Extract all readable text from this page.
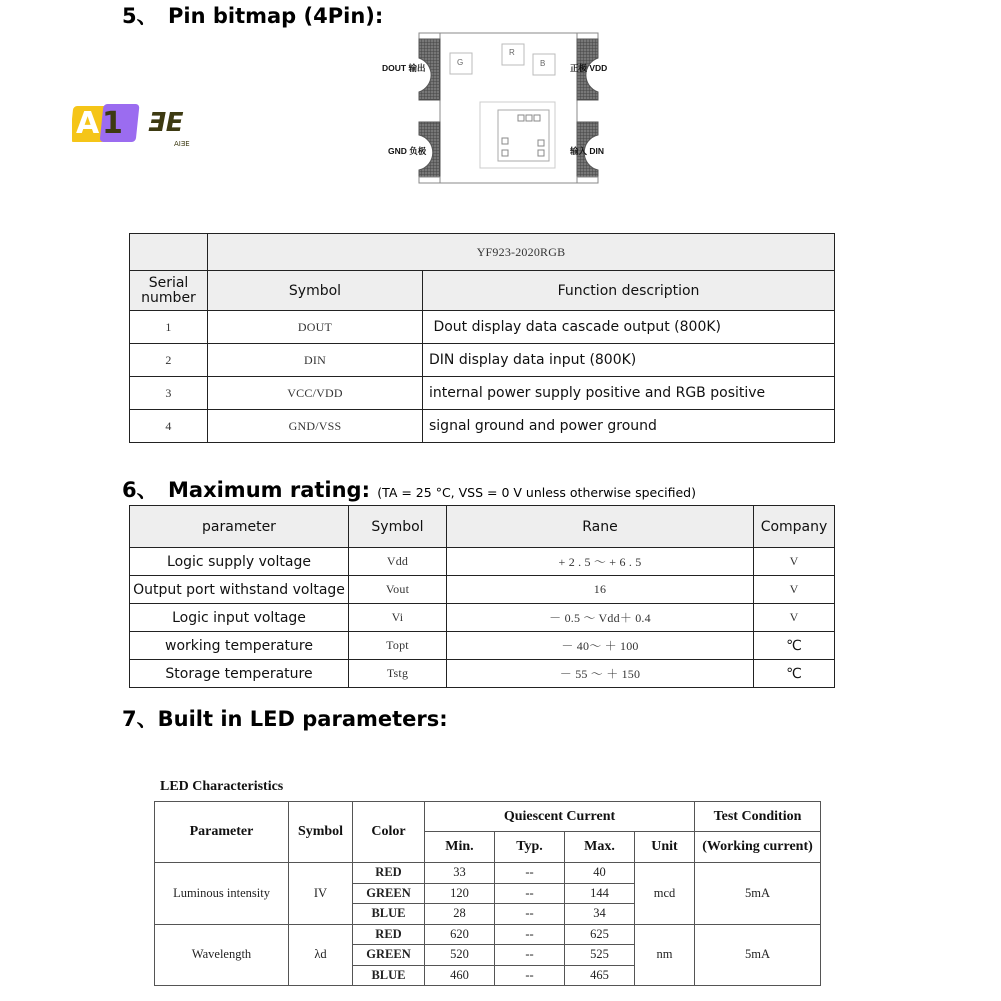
5、 Pin bitmap (4Pin):
A 1 ƎE
AIƎE
G
R
B
DOUT 输出
GND 负极
正极 VDD
输入 DIN
	YF923-2020RGB	

Serial
number	Symbol	Function description
1	DOUT	Dout display data cascade output (800K)
2	DIN	DIN display data input (800K)
3	VCC/VDD	internal power supply positive and RGB positive
4	GND/VSS	signal ground and power ground
6、 Maximum rating: (TA = 25 °C, VSS = 0 V unless otherwise specified)
parameter	Symbol	Rane	Company
Logic supply voltage	Vdd	+ 2 . 5 ～ + 6 . 5	V
Output port withstand voltage	Vout	16	V
Logic input voltage	Vi	－ 0.5 ～ Vdd＋ 0.4	V
working temperature	Topt	－ 40～ ＋ 100	℃
Storage temperature	Tstg	－ 55 ～ ＋ 150	℃
7、Built in LED parameters:
LED Characteristics
Parameter	Symbol	Color	Quiescent Current				Test Condition
			Min.	Typ.	Max.	Unit	(Working current)
Luminous intensity	IV	RED	33	--	40	mcd	5mA
		GREEN	120	--	144		
		BLUE	28	--	34		
Wavelength	λd	RED	620	--	625	nm	5mA
		GREEN	520	--	525		
		BLUE	460	--	465		
